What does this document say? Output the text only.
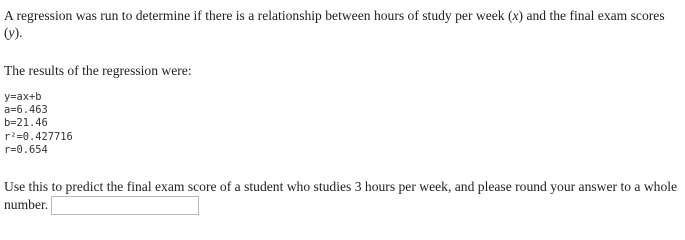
A regression was run to determine if there is a relationship between hours of study per week (x) and the final exam scores (y).
The results of the regression were:
y=ax+b
a=6.463
b=21.46
r²=0.427716
r=0.654
Use this to predict the final exam score of a student who studies 3 hours per week, and please round your answer to a whole number.
